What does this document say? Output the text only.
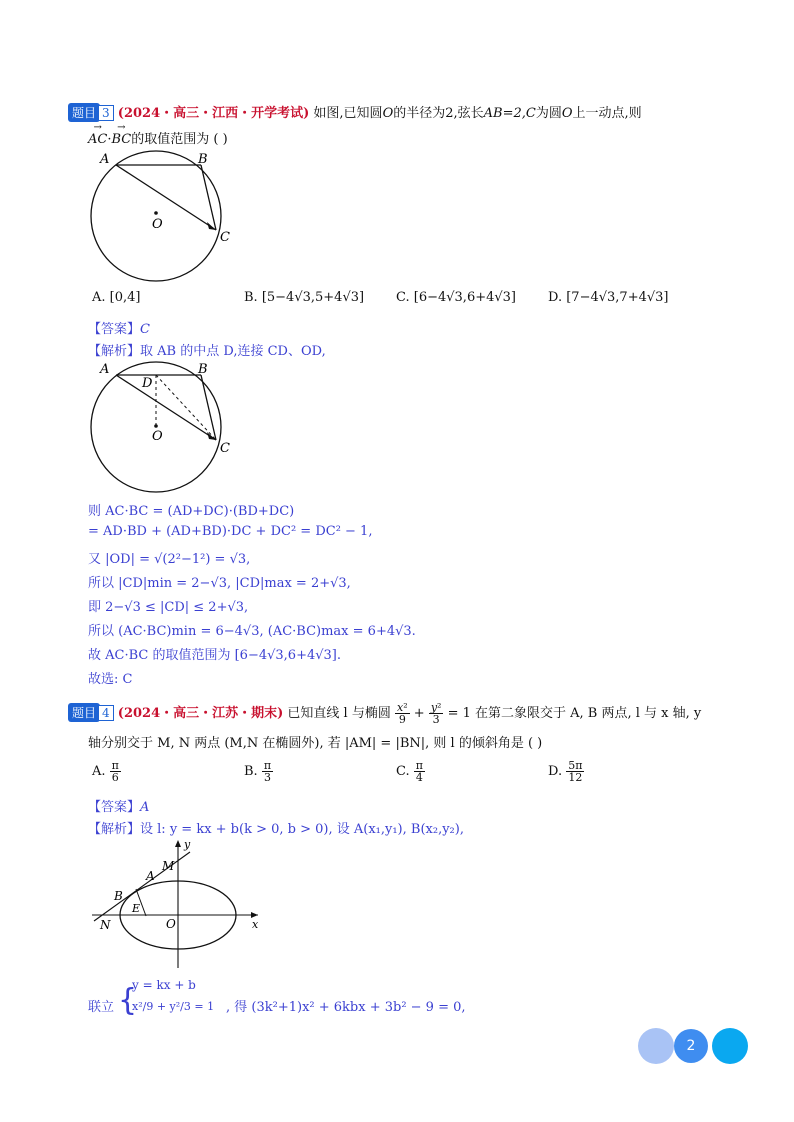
题目 3 (2024・高三・江西・开学考试) 如图,已知圆O的半径为2,弦长AB=2,C为圆O上一动点,则
→ AC·→ BC的取值范围为 ( )
A	B
C
O
A. [0,4]	B. [5−4√3,5+4√3] C. [6−4√3,6+4√3] D. [7−4√3,7+4√3]
【答案】C
【解析】取 AB 的中点 D,连接 CD、OD,
A	B
D
C
O
则 AC·BC = (AD+DC)·(BD+DC)
= AD·BD + (AD+BD)·DC + DC² = DC² − 1,
又 |OD| = √(2²−1²) = √3,
所以 |CD|min = 2−√3, |CD|max = 2+√3,
即 2−√3 ≤ |CD| ≤ 2+√3,
所以 (AC·BC)min = 6−4√3, (AC·BC)max = 6+4√3.
故 AC·BC 的取值范围为 [6−4√3,6+4√3].
故选: C
题目 4 (2024・高三・江苏・期末) 已知直线 l 与椭圆 $\frac{\text{x²}}{9} + \frac{\text{y²}}{3} = 1$ 在第二象限交于 A, B 两点, l 与 x 轴, y
轴分别交于 M, N 两点 (M,N 在椭圆外), 若 |AM| = |BN|, 则 l 的倾斜角是 ( )
A. $\frac{\pi}{6}$	B. $\frac{\pi}{3}$	C. $\frac{\pi}{4}$	D. $\frac{5\pi}{12}$
【答案】A
【解析】设 l: y = kx + b(k > 0, b > 0), 设 A(x₁,y₁), B(x₂,y₂),
y
x
M
A
B
E
N	O
联立 {
y = kx + b
x²/9 + y²/3 = 1 , 得 (3k²+1)x² + 6kbx + 3b² − 9 = 0,
2
